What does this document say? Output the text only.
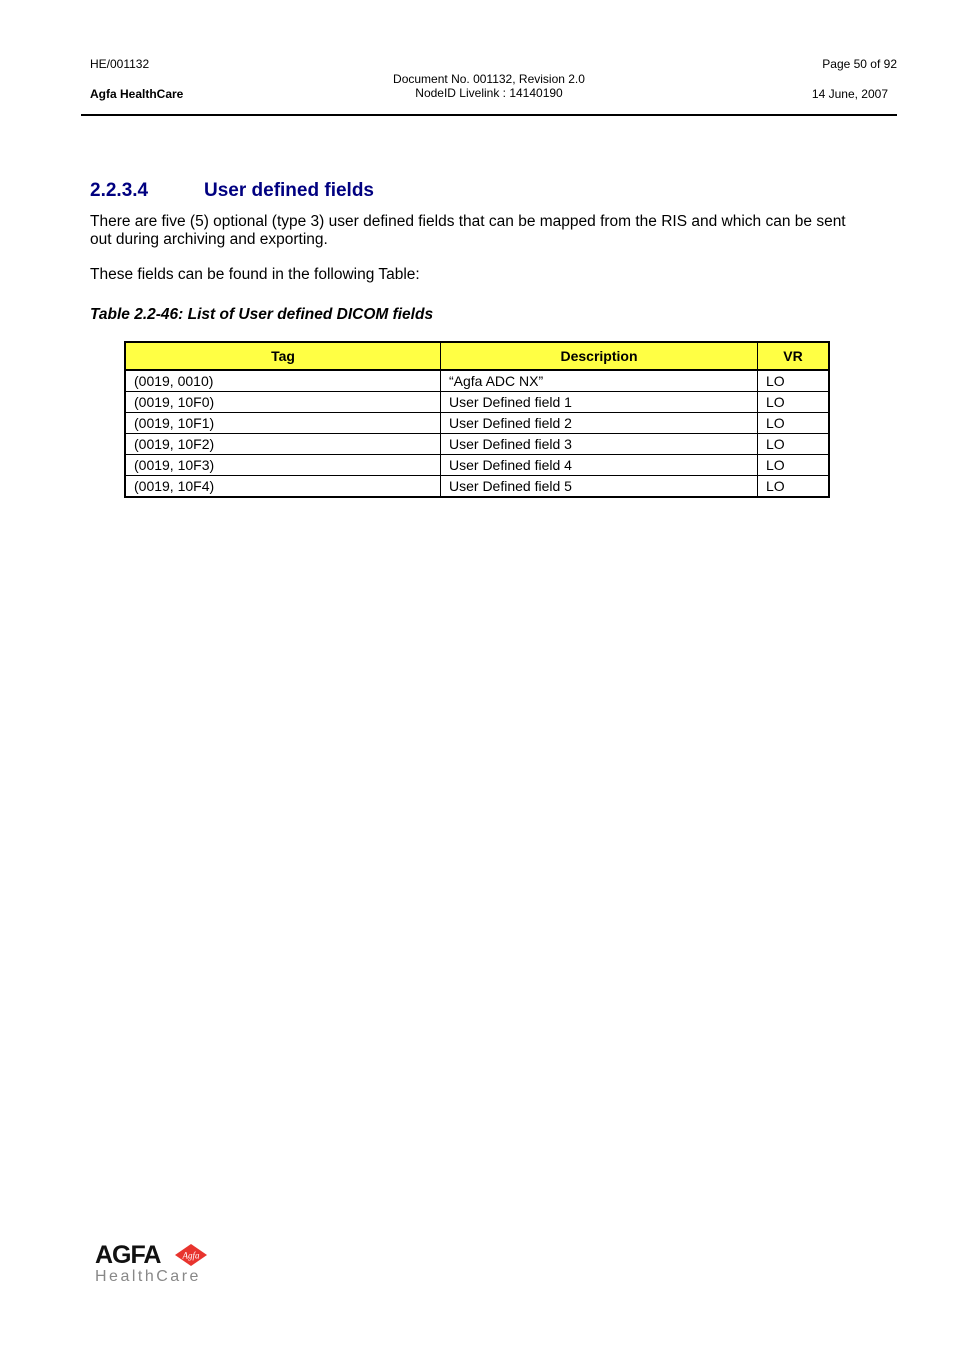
HE/001132
Agfa HealthCare
Document No. 001132, Revision 2.0
NodeID Livelink : 14140190
Page 50 of 92
14 June, 2007
2.2.3.4	User defined fields
There are five (5) optional (type 3) user defined fields that can be mapped from the RIS and which can be sent out during archiving and exporting.
These fields can be found in the following Table:
Table 2.2-46: List of User defined DICOM fields
Tag	Description	VR
(0019, 0010)	“Agfa ADC NX”	LO
(0019, 10F0)	User Defined field 1	LO
(0019, 10F1)	User Defined field 2	LO
(0019, 10F2)	User Defined field 3	LO
(0019, 10F3)	User Defined field 4	LO
(0019, 10F4)	User Defined field 5	LO
AGFA Agfa
HealthCare
